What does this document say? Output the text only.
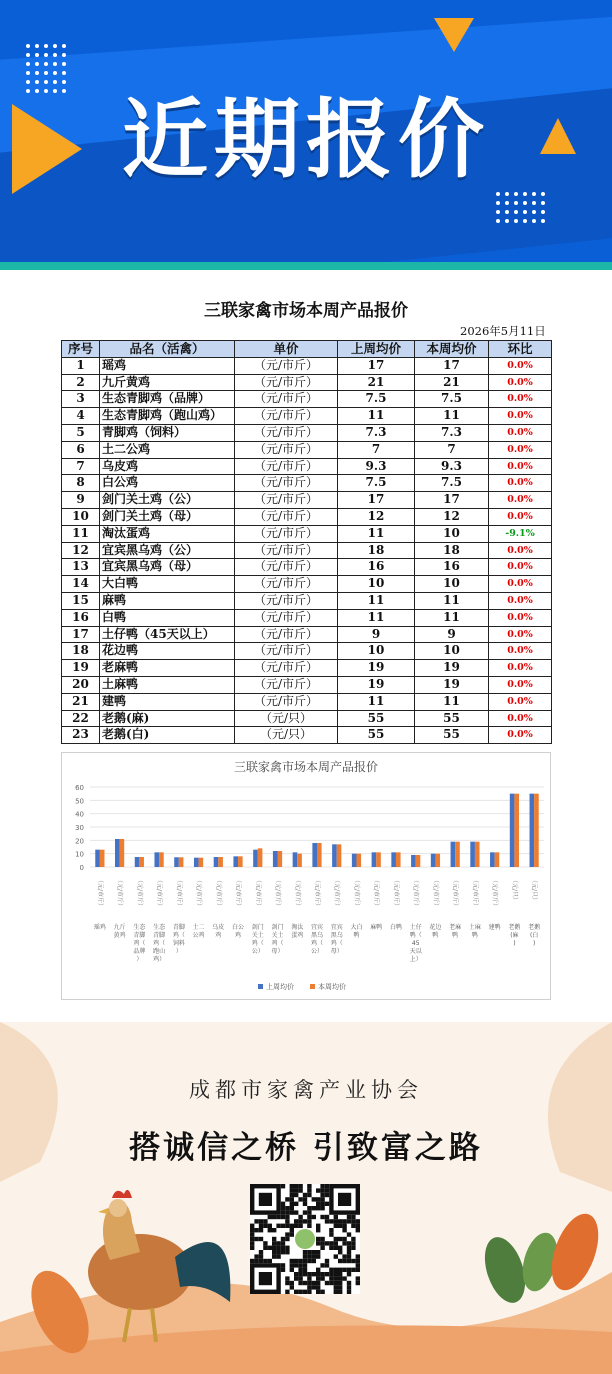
近期报价
三联家禽市场本周产品报价
2026年5月11日
序号	品名（活禽）	单价	上周均价	本周均价	环比
1	瑶鸡	（元/市斤）	17	17	0.0%
2	九斤黄鸡	（元/市斤）	21	21	0.0%
3	生态青脚鸡（品牌）	（元/市斤）	7.5	7.5	0.0%
4	生态青脚鸡（跑山鸡）	（元/市斤）	11	11	0.0%
5	青脚鸡（饲料）	（元/市斤）	7.3	7.3	0.0%
6	土二公鸡	（元/市斤）	7	7	0.0%
7	乌皮鸡	（元/市斤）	9.3	9.3	0.0%
8	白公鸡	（元/市斤）	7.5	7.5	0.0%
9	剑门关土鸡（公）	（元/市斤）	17	17	0.0%
10	剑门关土鸡（母）	（元/市斤）	12	12	0.0%
11	淘汰蛋鸡	（元/市斤）	11	10	-9.1%
12	宜宾黑乌鸡（公）	（元/市斤）	18	18	0.0%
13	宜宾黑乌鸡（母）	（元/市斤）	16	16	0.0%
14	大白鸭	（元/市斤）	10	10	0.0%
15	麻鸭	（元/市斤）	11	11	0.0%
16	白鸭	（元/市斤）	11	11	0.0%
17	土仔鸭（45天以上）	（元/市斤）	9	9	0.0%
18	花边鸭	（元/市斤）	10	10	0.0%
19	老麻鸭	（元/市斤）	19	19	0.0%
20	土麻鸭	（元/市斤）	19	19	0.0%
21	建鸭	（元/市斤）	11	11	0.0%
22	老鹅(麻)	（元/只）	55	55	0.0%
23	老鹅(白)	（元/只）	55	55	0.0%
三联家禽市场本周产品报价
0
10
20
30
40
50
60
（元/市斤）
瑶鸡
（元/市斤）
九斤黄鸡
（元/市斤）
生态青脚鸡（品牌）
（元/市斤）
生态青脚鸡（跑山鸡）
（元/市斤）
青脚鸡（饲料）
（元/市斤）
土二公鸡
（元/市斤）
乌皮鸡
（元/市斤）
白公鸡
（元/市斤）
剑门关土鸡（公）
（元/市斤）
剑门关土鸡（母）
（元/市斤）
淘汰蛋鸡
（元/市斤）
宜宾黑乌鸡（公）
（元/市斤）
宜宾黑乌鸡（母）
（元/市斤）
大白鸭
（元/市斤）
麻鸭
（元/市斤）
白鸭
（元/市斤）
土仔鸭（ 45 天以上）
（元/市斤）
花边鸭
（元/市斤）
老麻鸭
（元/市斤）
土麻鸭
（元/市斤）
建鸭
（元/只）
老鹅(麻)
（元/只）
老鹅(白)
上周均价	本周均价
成都市家禽产业协会
搭诚信之桥 引致富之路
